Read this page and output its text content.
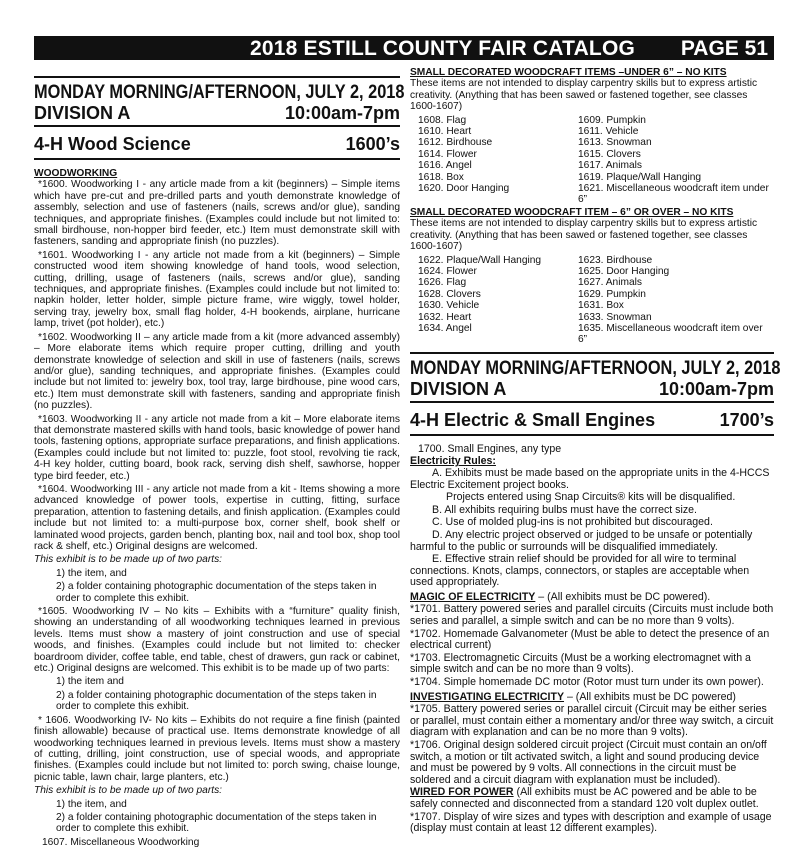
2018 ESTILL COUNTY FAIR CATALOG PAGE 51
MONDAY MORNING/AFTERNOON, JULY 2, 2018
DIVISION A	10:00am-7pm
4-H Wood Science	1600’s
WOODWORKING

*1600. Woodworking I - any article made from a kit (beginners) – Simple items which have pre-cut and pre-drilled parts and youth demonstrate knowledge of assembly, selection and use of fasteners (nails, screws and/or glue), sanding techniques, and appropriate finishes. (Examples could include but not limited to: small birdhouse, non-hopper bird feeder, etc.) Item must demonstrate skill with fasteners, sanding and appropriate finish (no puzzles).

*1601. Woodworking I - any article not made from a kit (beginners) – Simple constructed wood item showing knowledge of hand tools, wood selection, cutting, drilling, usage of fasteners (nails, screws and/or glue), sanding techniques, and appropriate finishes. (Examples could include but not limited to: napkin holder, letter holder, simple picture frame, wire wiggly, towel holder, serving tray, jewelry box, small flag holder, 4-H bookends, airplane, hurricane lamp, trivet (pot holder), etc.)

*1602. Woodworking II – any article made from a kit (more advanced assembly) – More elaborate items which require proper cutting, drilling and youth demonstrate knowledge of selection and skill in use of fasteners (nails, screws and/or glue), sanding techniques, and appropriate finishes. (Examples could include but not limited to: jewelry box, tool tray, large birdhouse, pine wood cars, etc.) Item must demonstrate skill with fasteners, sanding and appropriate finish (no puzzles).

*1603. Woodworking II - any article not made from a kit – More elaborate items that demonstrate mastered skills with hand tools, basic knowledge of power hand tools, fastening options, appropriate surface preparations, and finish applications. (Examples could include but not limited to: puzzle, foot stool, revolving tie rack, 4-H key holder, cutting board, book rack, serving dish shelf, sawhorse, hopper type bird feeder, etc.)

*1604. Woodworking III - any article not made from a kit - Items showing a more advanced knowledge of power tools, expertise in cutting, fitting, surface preparation, attention to fastening details, and finish application. (Examples could include but not limited to: a multi-purpose box, corner shelf, book shelf or laminated wood projects, garden bench, planting box, nail and tool box, shop tool rack & shelf, etc.) Original designs are welcomed.

This exhibit is to be made up of two parts:

1) the item, and

2) a folder containing photographic documentation of the steps taken in order to complete this exhibit.

*1605. Woodworking IV – No kits – Exhibits with a “furniture” quality finish, showing an understanding of all woodworking techniques learned in previous levels. Items must show a mastery of joint construction and use of special woods, and finishes. (Examples could include but not limited to: checker boardroom divider, coffee table, end table, chest of drawers, gun rack or cabinet, etc.) Original designs are welcomed. This exhibit is to be made up of two parts:

1) the item and

2) a folder containing photographic documentation of the steps taken in order to complete this exhibit.

* 1606. Woodworking IV- No kits – Exhibits do not require a fine finish (painted finish allowable) because of practical use. Items demonstrate knowledge of all woodworking techniques learned in previous levels. Items must show a mastery of cutting, drilling, joint construction, use of special woods, and appropriate finishes. (Examples could include but not limited to: porch swing, chaise lounge, picnic table, lawn chair, large planters, etc.)

This exhibit is to be made up of two parts:

1) the item, and

2) a folder containing photographic documentation of the steps taken in order to complete this exhibit.

1607. Miscellaneous Woodworking

SMALL DECORATED WOODCRAFT ITEMS –UNDER 6” – NO KITS

These items are not intended to display carpentry skills but to express artistic creativity. (Anything that has been sawed or fastened together, see classes 1600-1607)

1608. Flag	1609. Pumpkin
1610. Heart	1611. Vehicle
1612. Birdhouse	1613. Snowman
1614. Flower	1615. Clovers
1616. Angel	1617. Animals
1618. Box	1619. Plaque/Wall Hanging
1620. Door Hanging	1621. Miscellaneous woodcraft item under 6”
SMALL DECORATED WOODCRAFT ITEM – 6” OR OVER – NO KITS

These items are not intended to display carpentry skills but to express artistic creativity. (Anything that has been sawed or fastened together, see classes 1600-1607)

1622. Plaque/Wall Hanging	1623. Birdhouse
1624. Flower	1625. Door Hanging
1626. Flag	1627. Animals
1628. Clovers	1629. Pumpkin
1630. Vehicle	1631. Box
1632. Heart	1633. Snowman
1634. Angel	1635. Miscellaneous woodcraft item over 6”
MONDAY MORNING/AFTERNOON, JULY 2, 2018
DIVISION A	10:00am-7pm
4-H Electric & Small Engines	1700’s

1700. Small Engines, any type

Electricity Rules:

A. Exhibits must be made based on the appropriate units in the 4-HCCS Electric Excitement project books.

Projects entered using Snap Circuits® kits will be disqualified.

B. All exhibits requiring bulbs must have the correct size.

C. Use of molded plug-ins is not prohibited but discouraged.

D. Any electric project observed or judged to be unsafe or potentially harmful to the public or surrounds will be disqualified immediately.

E. Effective strain relief should be provided for all wire to terminal connections. Knots, clamps, connectors, or staples are acceptable when used appropriately.

MAGIC OF ELECTRICITY – (All exhibits must be DC powered).

*1701. Battery powered series and parallel circuits (Circuits must include both series and parallel, a simple switch and can be no more than 9 volts).

*1702. Homemade Galvanometer (Must be able to detect the presence of an electrical current)

*1703. Electromagnetic Circuits (Must be a working electromagnet with a simple switch and can be no more than 9 volts).

*1704. Simple homemade DC motor (Rotor must turn under its own power).

INVESTIGATING ELECTRICITY – (All exhibits must be DC powered)

*1705. Battery powered series or parallel circuit (Circuit may be either series or parallel, must contain either a momentary and/or three way switch, a circuit diagram with explanation and can be no more than 9 volts).

*1706. Original design soldered circuit project (Circuit must contain an on/off switch, a motion or tilt activated switch, a light and sound producing device and must be powered by 9 volts. All connections in the circuit must be soldered and a circuit diagram with explanation must be included).

WIRED FOR POWER (All exhibits must be AC powered and be able to be safely connected and disconnected from a standard 120 volt duplex outlet.

*1707. Display of wire sizes and types with description and example of usage (display must contain at least 12 different examples).
